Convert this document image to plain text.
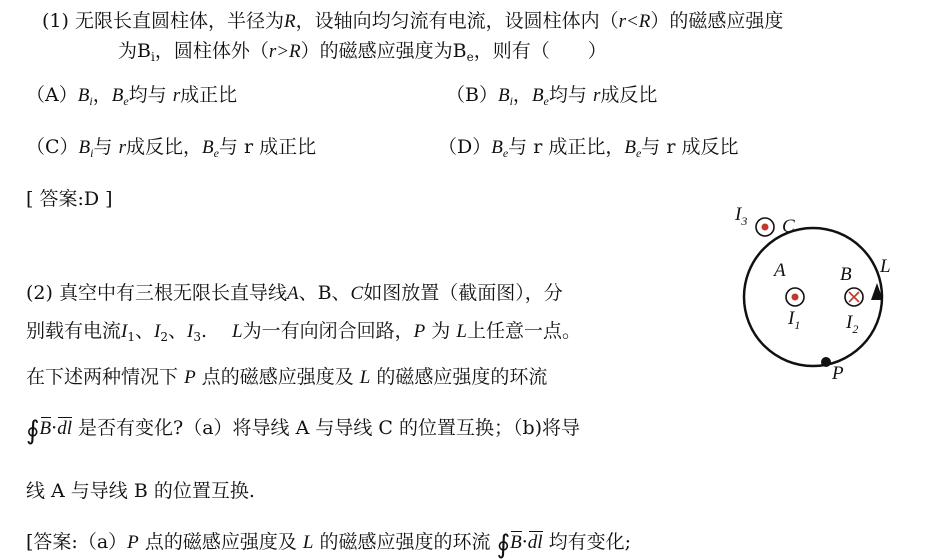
(1) 无限长直圆柱体，半径为R，设轴向均匀流有电流，设圆柱体内（r<R）的磁感应强度
为$B_i$，圆柱体外（r>R）的磁感应强度为$B_e$，则有（　　）
$(A)B_i$，$B_e$均与 r成正比	$(B)B_i$，$B_e$均与 r成反比
$(C)B_i$与 r成反比，$B_e$与 r 成正比	$(D)B_e$与 r 成正比，$B_e$与 r 成反比
[ 答案:D ]
(2) 真空中有三根无限长直导线A、B、C如图放置（截面图），分
别载有电流$I_1$、$I_2$、$I_3$.　 L为一有向闭合回路，P 为 L上任意一点。
在下述两种情况下 P 点的磁感应强度及 L 的磁感应强度的环流
∮B·dl 是否有变化?（a）将导线 A 与导线 C 的位置互换；（b)将导
线 A 与导线 B 的位置互换.
[答案:（a）P 点的磁感应强度及 L 的磁感应强度的环流 ∮B·dl 均有变化;
$I_3$ C
A	B L
$I_1$ $I_2$
P
